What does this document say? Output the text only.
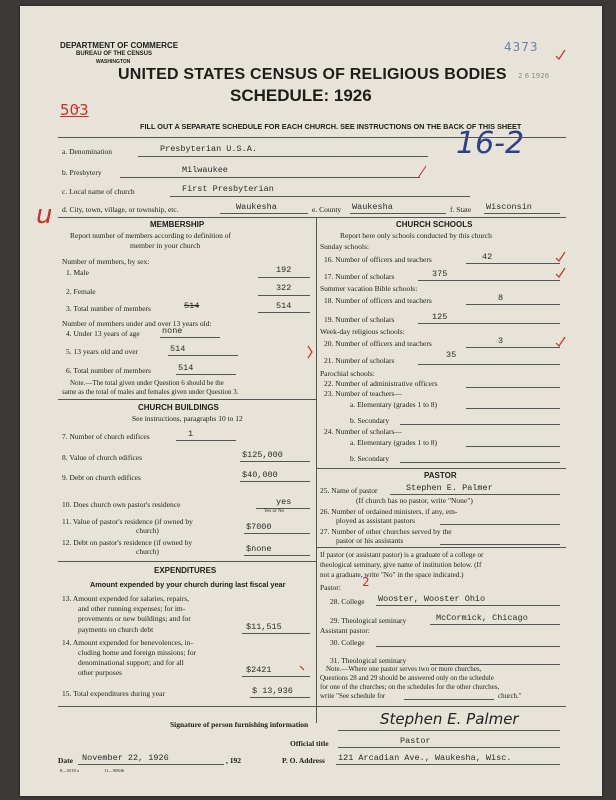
DEPARTMENT OF COMMERCE
BUREAU OF THE CENSUS
WASHINGTON
4373
2 6 1926
UNITED STATES CENSUS OF RELIGIOUS BODIES
SCHEDULE: 1926
503
FILL OUT A SEPARATE SCHEDULE FOR EACH CHURCH. SEE INSTRUCTIONS ON THE BACK OF THIS SHEET
16-2
a. Denomination	Presbyterian U.S.A.
b. Presbytery	Milwaukee
c. Local name of church	First Presbyterian
d. City, town, village, or township, etc.	Waukesha	e. County Waukesha	f. State Wisconsin
u	MEMBERSHIP
Report number of members according to definition of
member in your church
Number of members, by sex:
1. Male	192
2. Female	322
3. Total number of members	514	514
Number of members under and over 13 years old:
4. Under 13 years of age	none
5. 13 years old and over	514
6. Total number of members	514
Note.—The total given under Question 6 should be the
same as the total of males and females given under Question 3.
CHURCH BUILDINGS
See instructions, paragraphs 10 to 12
7. Number of church edifices	1
8. Value of church edifices	$125,000
9. Debt on church edifices	$40,000
10. Does church own pastor's residence	yes
Yes or No
11. Value of pastor's residence (if owned by
church)	$7000
12. Debt on pastor's residence (if owned by
church)	$none
EXPENDITURES
Amount expended by your church during last fiscal year
13. Amount expended for salaries, repairs,
and other running expenses; for im-
provements or new buildings; and for
payments on church debt	$11,515
14. Amount expended for benevolences, in-
cluding home and foreign missions; for
denominational support; and for all
other purposes	$2421
15. Total expenditures during year	$ 13,936
CHURCH SCHOOLS
Report here only schools conducted by this church
Sunday schools:
16. Number of officers and teachers	42
17. Number of scholars	375
Summer vacation Bible schools:
18. Number of officers and teachers	8
19. Number of scholars	125
Week-day religious schools:
20. Number of officers and teachers	3
21. Number of scholars
35
Parochial schools:
22. Number of administrative officers
23. Number of teachers—
a. Elementary (grades 1 to 8)
b. Secondary
24. Number of scholars—
a. Elementary (grades 1 to 8)
b. Secondary
PASTOR
25. Name of pastor	Stephen E. Palmer
(If church has no pastor, write "None")
26. Number of ordained ministers, if any, em-
ployed as assistant pastors
27. Number of other churches served by the
pastor or his assistants
If pastor (or assistant pastor) is a graduate of a college or
theological seminary, give name of institution below. (If
not a graduate, write "No" in the space indicated.)
Pastor: 2
28. College Wooster, Wooster Ohio
29. Theological seminary	McCormick, Chicago
Assistant pastor:
30. College
31. Theological seminary
Note.—Where one pastor serves two or more churches,
Questions 28 and 29 should be answered only on the schedule
for one of the churches; on the schedules for the other churches,
write "See schedule for	church."
Signature of person furnishing information	Stephen E. Palmer
Official title	Pastor
Date November 22, 1926	, 192	P. O. Address 121 Arcadian Ave., Waukesha, Wisc.
8—5518 a	11—90846
